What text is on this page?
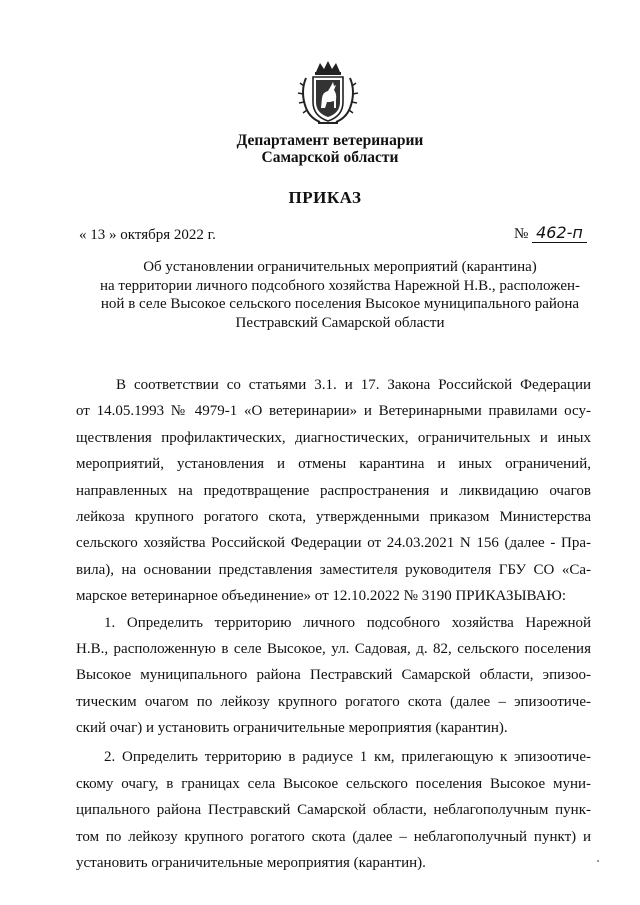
Департамент ветеринарии
Самарской области
ПРИКАЗ
« 13 » октября 2022 г.	№ 462-п
Об установлении ограничительных мероприятий (карантина)
на территории личного подсобного хозяйства Нарежной Н.В., расположен-
ной в селе Высокое сельского поселения Высокое муниципального района
Пестравский Самарской области
В соответствии со статьями 3.1. и 17. Закона Российской Федерации
от 14.05.1993 № 4979-1 «О ветеринарии» и Ветеринарными правилами осу-
ществления профилактических, диагностических, ограничительных и иных
мероприятий, установления и отмены карантина и иных ограничений,
направленных на предотвращение распространения и ликвидацию очагов
лейкоза крупного рогатого скота, утвержденными приказом Министерства
сельского хозяйства Российской Федерации от 24.03.2021 N 156 (далее - Пра-
вила), на основании представления заместителя руководителя ГБУ СО «Са-
марское ветеринарное объединение» от 12.10.2022 № 3190 ПРИКАЗЫВАЮ:
1. Определить территорию личного подсобного хозяйства Нарежной
Н.В., расположенную в селе Высокое, ул. Садовая, д. 82, сельского поселения
Высокое муниципального района Пестравский Самарской области, эпизоо-
тическим очагом по лейкозу крупного рогатого скота (далее – эпизоотиче-
ский очаг) и установить ограничительные мероприятия (карантин).
2. Определить территорию в радиусе 1 км, прилегающую к эпизоотиче-
скому очагу, в границах села Высокое сельского поселения Высокое муни-
ципального района Пестравский Самарской области, неблагополучным пунк-
том по лейкозу крупного рогатого скота (далее – неблагополучный пункт) и
установить ограничительные мероприятия (карантин).
